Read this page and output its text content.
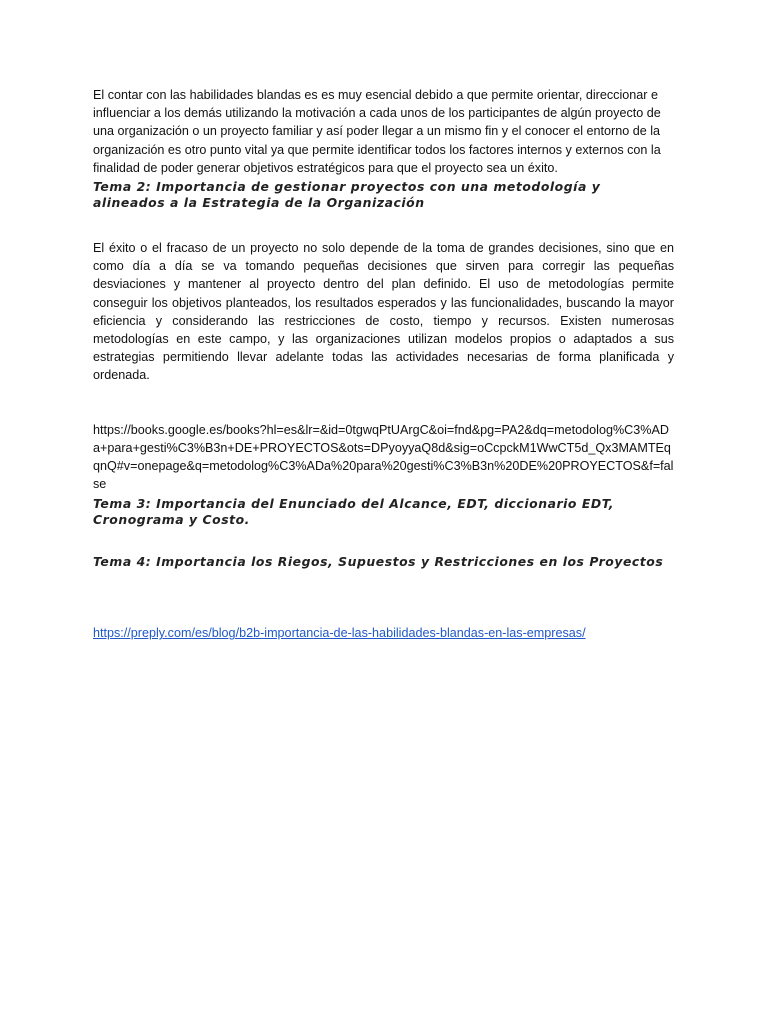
El contar con las habilidades blandas es es muy esencial debido a que permite orientar, direccionar e influenciar a los demás utilizando la motivación a cada unos de los participantes de algún proyecto de una organización o un proyecto familiar y así poder llegar a un mismo fin y el conocer el entorno de la organización es otro punto vital ya que permite identificar todos los factores internos y externos con la finalidad de poder generar objetivos estratégicos para que el proyecto sea un éxito.

Tema 2: Importancia de gestionar proyectos con una metodología y alineados a la Estrategia de la Organización

El éxito o el fracaso de un proyecto no solo depende de la toma de grandes decisiones, sino que en como día a día se va tomando pequeñas decisiones que sirven para corregir las pequeñas desviaciones y mantener al proyecto dentro del plan definido. El uso de metodologías permite conseguir los objetivos planteados, los resultados esperados y las funcionalidades, buscando la mayor eficiencia y considerando las restricciones de costo, tiempo y recursos. Existen numerosas metodologías en este campo, y las organizaciones utilizan modelos propios o adaptados a sus estrategias permitiendo llevar adelante todas las actividades necesarias de forma planificada y ordenada.

https://books.google.es/books?hl=es&lr=&id=0tgwqPtUArgC&oi=fnd&pg=PA2&dq=metodolog%C3%ADa+para+gesti%C3%B3n+DE+PROYECTOS&ots=DPyoyyaQ8d&sig=oCcpckM1WwCT5d_Qx3MAMTEqqnQ#v=onepage&q=metodolog%C3%ADa%20para%20gesti%C3%B3n%20DE%20PROYECTOS&f=false

Tema 3: Importancia del Enunciado del Alcance, EDT, diccionario EDT, Cronograma y Costo.

Tema 4: Importancia los Riegos, Supuestos y Restricciones en los Proyectos

https://preply.com/es/blog/b2b-importancia-de-las-habilidades-blandas-en-las-empresas/
